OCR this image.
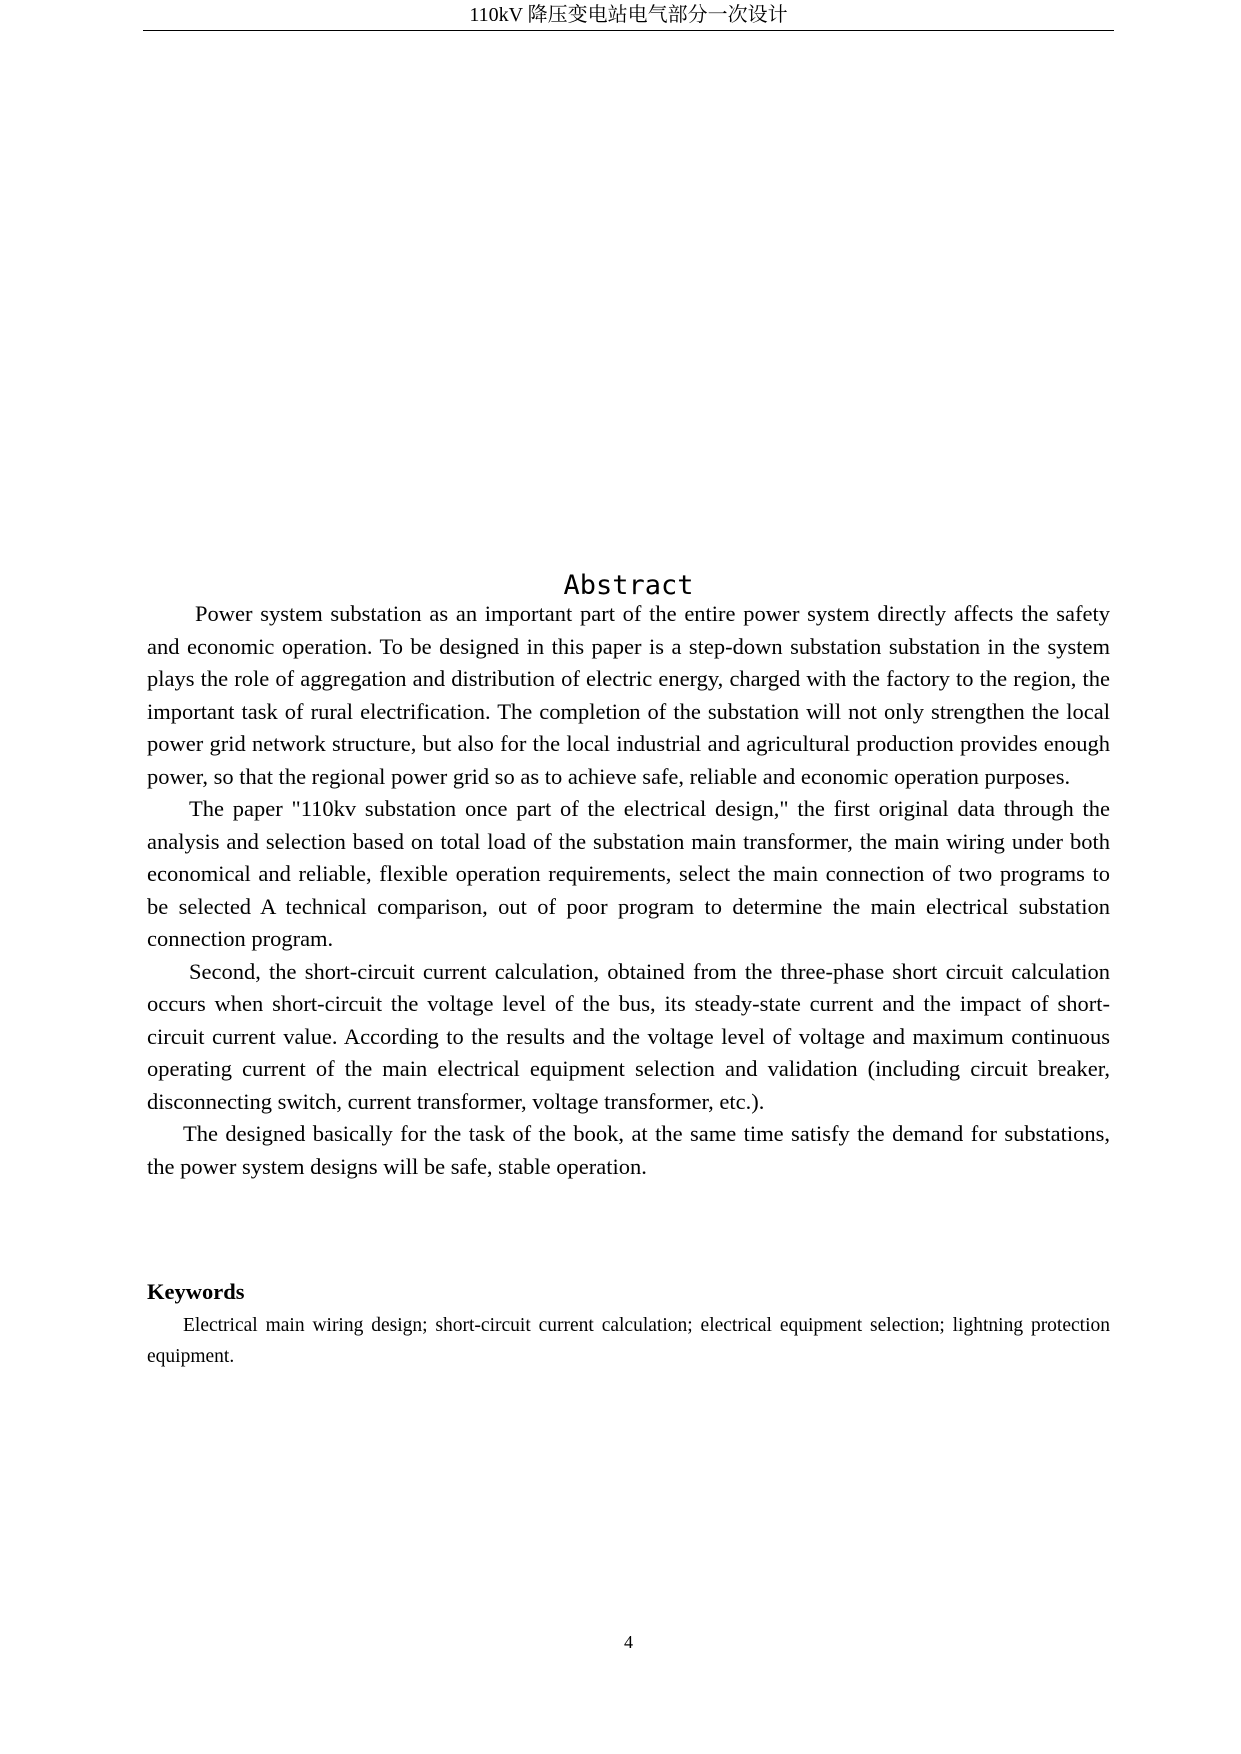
110kV 降压变电站电气部分一次设计
Abstract

Power system substation as an important part of the entire power system directly affects the safety and economic operation. To be designed in this paper is a step-down substation substation in the system plays the role of aggregation and distribution of electric energy, charged with the factory to the region, the important task of rural electrification. The completion of the substation will not only strengthen the local power grid network structure, but also for the local industrial and agricultural production provides enough power, so that the regional power grid so as to achieve safe, reliable and economic operation purposes.

The paper "110kv substation once part of the electrical design," the first original data through the analysis and selection based on total load of the substation main transformer, the main wiring under both economical and reliable, flexible operation requirements, select the main connection of two programs to be selected A technical comparison, out of poor program to determine the main electrical substation connection program.

Second, the short-circuit current calculation, obtained from the three-phase short circuit calculation occurs when short-circuit the voltage level of the bus, its steady-state current and the impact of short-circuit current value. According to the results and the voltage level of voltage and maximum continuous operating current of the main electrical equipment selection and validation (including circuit breaker, disconnecting switch, current transformer, voltage transformer, etc.).

The designed basically for the task of the book, at the same time satisfy the demand for substations, the power system designs will be safe, stable operation.

Keywords
Electrical main wiring design; short-circuit current calculation; electrical equipment selection; lightning protection equipment.
4
